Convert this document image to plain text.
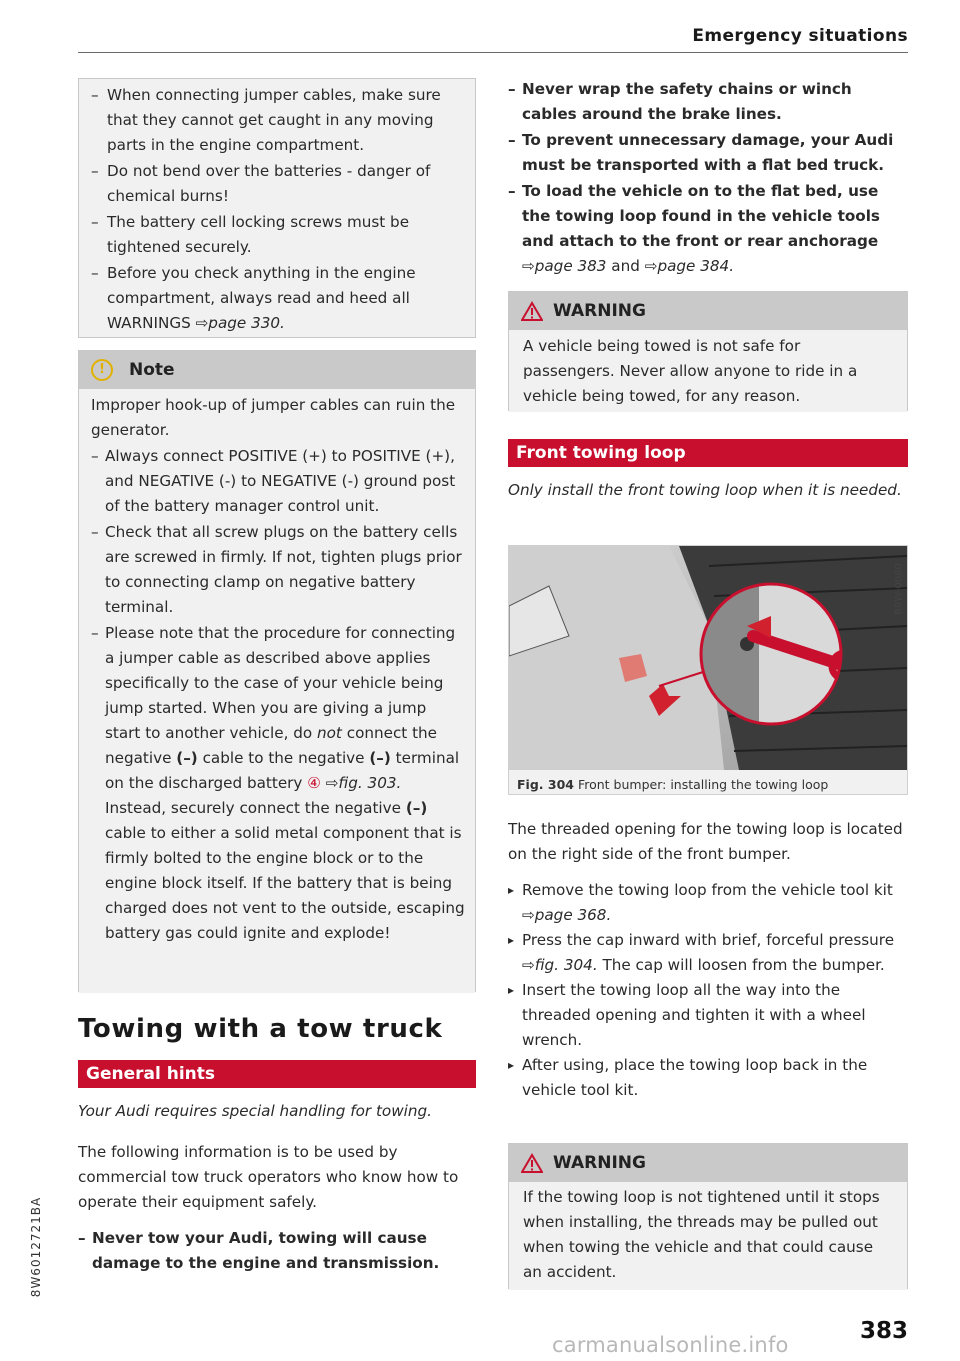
Emergency situations
– When connecting jumper cables, make sure that they cannot get caught in any moving parts in the engine compartment.
– Do not bend over the batteries - danger of chemical burns!
– The battery cell locking screws must be tightened securely.
– Before you check anything in the engine compartment, always read and heed all WARNINGS ⇨page 330.
!	Note

Improper hook-up of jumper cables can ruin the generator.

– Always connect POSITIVE (+) to POSITIVE (+), and NEGATIVE (-) to NEGATIVE (-) ground post of the battery manager control unit.
– Check that all screw plugs on the battery cells are screwed in firmly. If not, tighten plugs prior to connecting clamp on negative battery terminal.
– Please note that the procedure for connecting a jumper cable as described above applies specifically to the case of your vehicle being jump started. When you are giving a jump start to another vehicle, do not connect the negative (–) cable to the negative (–) terminal on the discharged battery ④ ⇨fig. 303. Instead, securely connect the negative (–) cable to either a solid metal component that is firmly bolted to the engine block or to the engine block itself. If the battery that is being charged does not vent to the outside, escaping battery gas could ignite and explode!
Towing with a tow truck
General hints

Your Audi requires special handling for towing.

The following information is to be used by commercial tow truck operators who know how to operate their equipment safely.

– Never tow your Audi, towing will cause damage to the engine and transmission.
– Never wrap the safety chains or winch cables around the brake lines.
– To prevent unnecessary damage, your Audi must be transported with a flat bed truck.
– To load the vehicle on to the flat bed, use the towing loop found in the vehicle tools and attach to the front or rear anchorage
⇨page 383 and ⇨page 384.
WARNING

A vehicle being towed is not safe for passengers. Never allow anyone to ride in a vehicle being towed, for any reason.

Front towing loop

Only install the front towing loop when it is needed.

B8W-0080
Fig. 304 Front bumper: installing the towing loop

The threaded opening for the towing loop is located on the right side of the front bumper.

▸ Remove the towing loop from the vehicle tool kit ⇨page 368.
▸ Press the cap inward with brief, forceful pressure ⇨fig. 304. The cap will loosen from the bumper.
▸ Insert the towing loop all the way into the threaded opening and tighten it with a wheel wrench.
▸ After using, place the towing loop back in the vehicle tool kit.
WARNING

If the towing loop is not tightened until it stops when installing, the threads may be pulled out when towing the vehicle and that could cause an accident.

8W6012721BA
383
carmanualsonline.info
